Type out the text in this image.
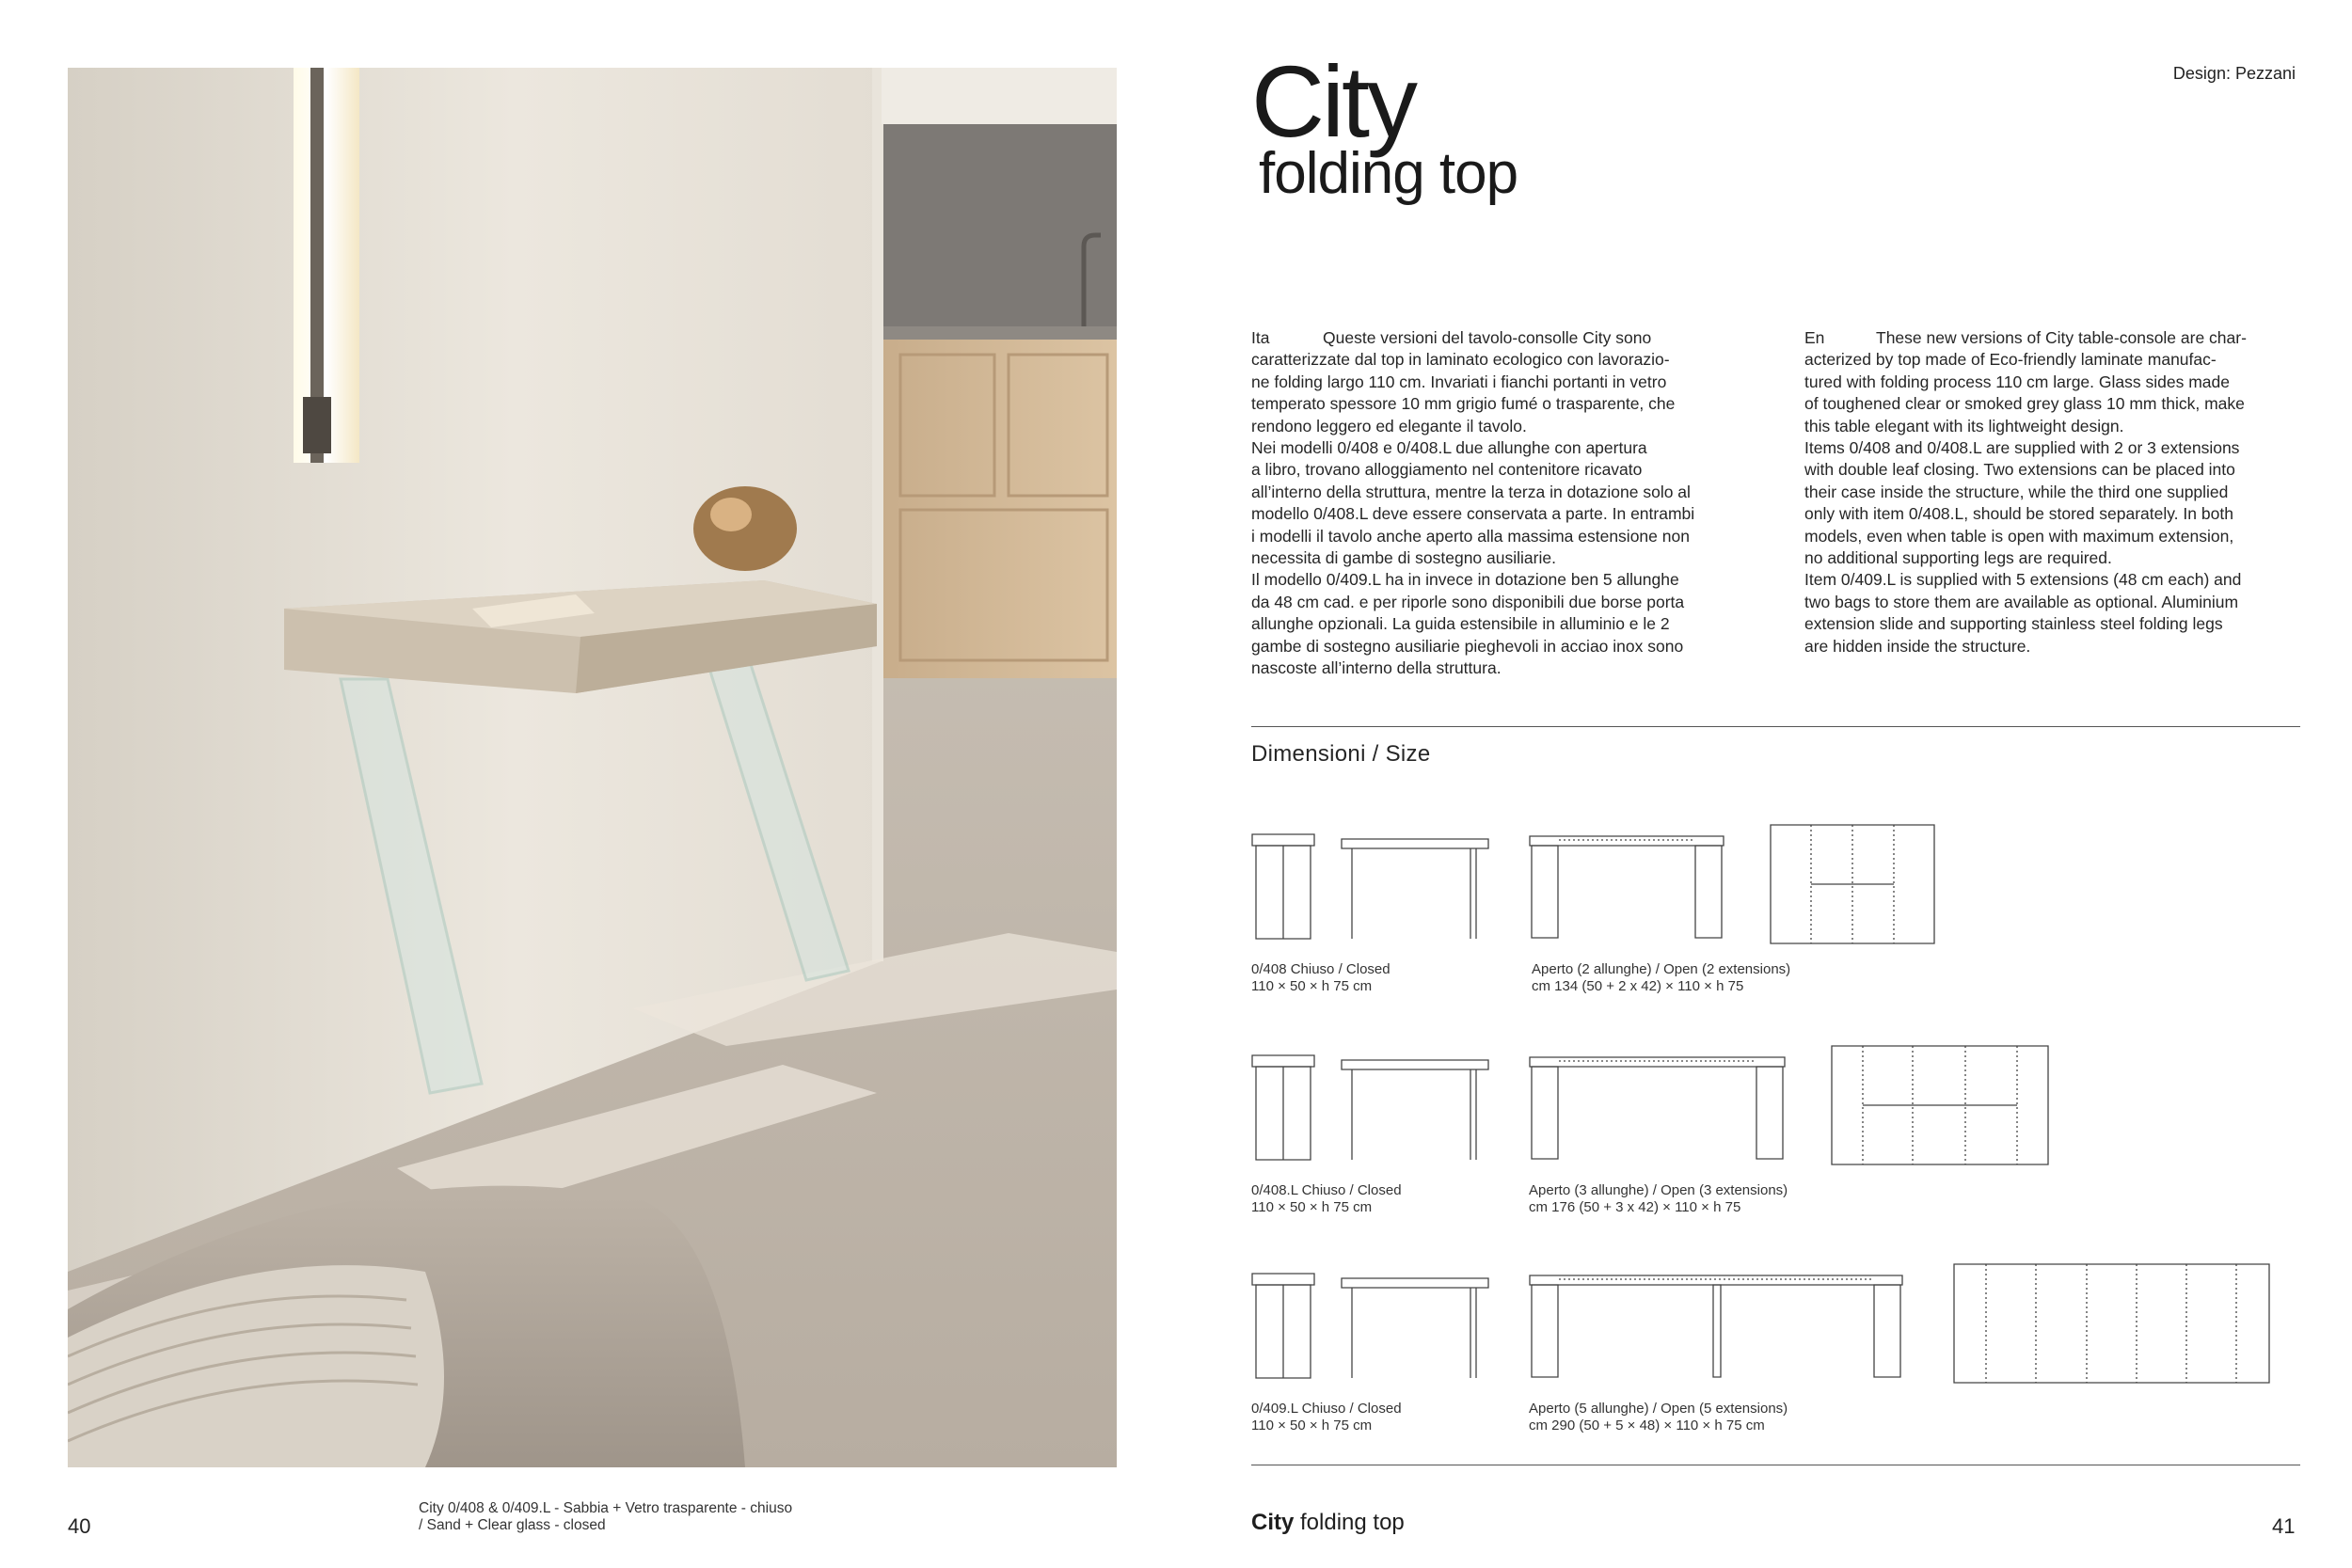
40
City 0/408 & 0/409.L - Sabbia + Vetro trasparente - chiuso
/ Sand + Clear glass - closed
City
folding top
Design: Pezzani

Ita	Queste versioni del tavolo-consolle City sono

caratterizzate dal top in laminato ecologico con lavorazio-

ne folding largo 110 cm. Invariati i fianchi portanti in vetro

temperato spessore 10 mm grigio fumé o trasparente, che

rendono leggero ed elegante il tavolo.

Nei modelli 0/408 e 0/408.L due allunghe con apertura

a libro, trovano alloggiamento nel contenitore ricavato

all’interno della struttura, mentre la terza in dotazione solo al

modello 0/408.L deve essere conservata a parte. In entrambi

i modelli il tavolo anche aperto alla massima estensione non

necessita di gambe di sostegno ausiliarie.

Il modello 0/409.L ha in invece in dotazione ben 5 allunghe

da 48 cm cad. e per riporle sono disponibili due borse porta

allunghe opzionali. La guida estensibile in alluminio e le 2

gambe di sostegno ausiliarie pieghevoli in acciao inox sono

nascoste all’interno della struttura.

En	These new versions of City table-console are char-

acterized by top made of Eco-friendly laminate manufac-

tured with folding process 110 cm large. Glass sides made

of toughened clear or smoked grey glass 10 mm thick, make

this table elegant with its lightweight design.

Items 0/408 and 0/408.L are supplied with 2 or 3 extensions

with double leaf closing. Two extensions can be placed into

their case inside the structure, while the third one supplied

only with item 0/408.L, should be stored separately. In both

models, even when table is open with maximum extension,

no additional supporting legs are required.

Item 0/409.L is supplied with 5 extensions (48 cm each) and

two bags to store them are available as optional. Aluminium

extension slide and supporting stainless steel folding legs

are hidden inside the structure.

Dimensioni / Size
0/408 Chiuso / Closed
110 × 50 × h 75 cm
Aperto (2 allunghe) / Open (2 extensions)
cm 134 (50 + 2 x 42) × 110 × h 75
0/408.L Chiuso / Closed
110 × 50 × h 75 cm
Aperto (3 allunghe) / Open (3 extensions)
cm 176 (50 + 3 x 42) × 110 × h 75
0/409.L Chiuso / Closed
110 × 50 × h 75 cm
Aperto (5 allunghe) / Open (5 extensions)
cm 290 (50 + 5 × 48) × 110 × h 75 cm
City folding top	41
